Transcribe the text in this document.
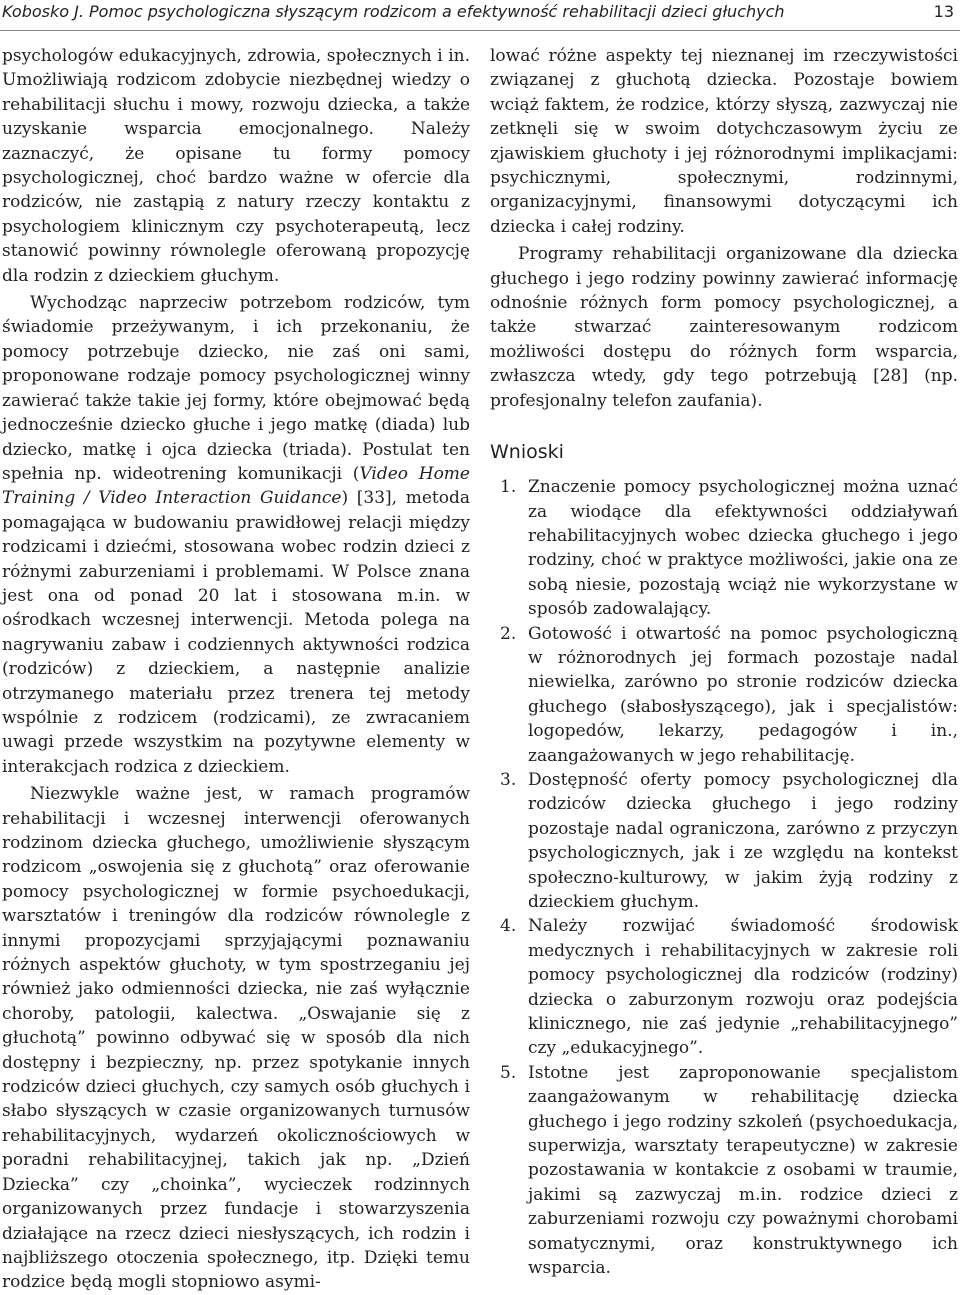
Kobosko J. Pomoc psychologiczna słyszącym rodzicom a efektywność rehabilitacji dzieci głuchych	13

psychologów edukacyjnych, zdrowia, społecznych i in. Umożliwiają rodzicom zdobycie niezbędnej wiedzy o rehabilitacji słuchu i mowy, rozwoju dziecka, a także uzyskanie wsparcia emocjonalnego. Należy zaznaczyć, że opisane tu formy pomocy psychologicznej, choć bardzo ważne w ofercie dla rodziców, nie zastąpią z natury rzeczy kontaktu z psychologiem klinicznym czy psychoterapeutą, lecz stanowić powinny równolegle oferowaną propozycję dla rodzin z dzieckiem głuchym.

Wychodząc naprzeciw potrzebom rodziców, tym świadomie przeżywanym, i ich przekonaniu, że pomocy potrzebuje dziecko, nie zaś oni sami, proponowane rodzaje pomocy psychologicznej winny zawierać także takie jej formy, które obejmować będą jednocześnie dziecko głuche i jego matkę (diada) lub dziecko, matkę i ojca dziecka (triada). Postulat ten spełnia np. wideotrening komunikacji (Video Home Training / Video Interaction Guidance) [33], metoda pomagająca w budowaniu prawidłowej relacji między rodzicami i dziećmi, stosowana wobec rodzin dzieci z różnymi zaburzeniami i problemami. W Polsce znana jest ona od ponad 20 lat i stosowana m.in. w ośrodkach wczesnej interwencji. Metoda polega na nagrywaniu zabaw i codziennych aktywności rodzica (rodziców) z dzieckiem, a następnie analizie otrzymanego materiału przez trenera tej metody wspólnie z rodzicem (rodzicami), ze zwracaniem uwagi przede wszystkim na pozytywne elementy w interakcjach rodzica z dzieckiem.

Niezwykle ważne jest, w ramach programów rehabilitacji i wczesnej interwencji oferowanych rodzinom dziecka głuchego, umożliwienie słyszącym rodzicom „oswojenia się z głuchotą” oraz oferowanie pomocy psychologicznej w formie psychoedukacji, warsztatów i treningów dla rodziców równolegle z innymi propozycjami sprzyjającymi poznawaniu różnych aspektów głuchoty, w tym spostrzeganiu jej również jako odmienności dziecka, nie zaś wyłącznie choroby, patologii, kalectwa. „Oswajanie się z głuchotą” powinno odbywać się w sposób dla nich dostępny i bezpieczny, np. przez spotykanie innych rodziców dzieci głuchych, czy samych osób głuchych i słabo słyszących w czasie organizowanych turnusów rehabilitacyjnych, wydarzeń okolicznościowych w poradni rehabilitacyjnej, takich jak np. „Dzień Dziecka” czy „choinka”, wycieczek rodzinnych organizowanych przez fundacje i stowarzyszenia działające na rzecz dzieci niesłyszących, ich rodzin i najbliższego otoczenia społecznego, itp. Dzięki temu rodzice będą mogli stopniowo asymi-

lować różne aspekty tej nieznanej im rzeczywistości związanej z głuchotą dziecka. Pozostaje bowiem wciąż faktem, że rodzice, którzy słyszą, zazwyczaj nie zetknęli się w swoim dotychczasowym życiu ze zjawiskiem głuchoty i jej różnorodnymi implikacjami: psychicznymi, społecznymi, rodzinnymi, organizacyjnymi, finansowymi dotyczącymi ich dziecka i całej rodziny.

Programy rehabilitacji organizowane dla dziecka głuchego i jego rodziny powinny zawierać informację odnośnie różnych form pomocy psychologicznej, a także stwarzać zainteresowanym rodzicom możliwości dostępu do różnych form wsparcia, zwłaszcza wtedy, gdy tego potrzebują [28] (np. profesjonalny telefon zaufania).

Wnioski
1. Znaczenie pomocy psychologicznej można uznać za wiodące dla efektywności oddziaływań rehabilitacyjnych wobec dziecka głuchego i jego rodziny, choć w praktyce możliwości, jakie ona ze sobą niesie, pozostają wciąż nie wykorzystane w sposób zadowalający.

2. Gotowość i otwartość na pomoc psychologiczną w różnorodnych jej formach pozostaje nadal niewielka, zarówno po stronie rodziców dziecka głuchego (słabosłyszącego), jak i specjalistów: logopedów, lekarzy, pedagogów i in., zaangażowanych w jego rehabilitację.

3. Dostępność oferty pomocy psychologicznej dla rodziców dziecka głuchego i jego rodziny pozostaje nadal ograniczona, zarówno z przyczyn psychologicznych, jak i ze względu na kontekst społeczno-kulturowy, w jakim żyją rodziny z dzieckiem głuchym.

4. Należy rozwijać świadomość środowisk medycznych i rehabilitacyjnych w zakresie roli pomocy psychologicznej dla rodziców (rodziny) dziecka o zaburzonym rozwoju oraz podejścia klinicznego, nie zaś jedynie „rehabilitacyjnego” czy „edukacyjnego”.

5. Istotne jest zaproponowanie specjalistom zaangażowanym w rehabilitację dziecka głuchego i jego rodziny szkoleń (psychoedukacja, superwizja, warsztaty terapeutyczne) w zakresie pozostawania w kontakcie z osobami w traumie, jakimi są zazwyczaj m.in. rodzice dzieci z zaburzeniami rozwoju czy poważnymi chorobami somatycznymi, oraz konstruktywnego ich wsparcia.
